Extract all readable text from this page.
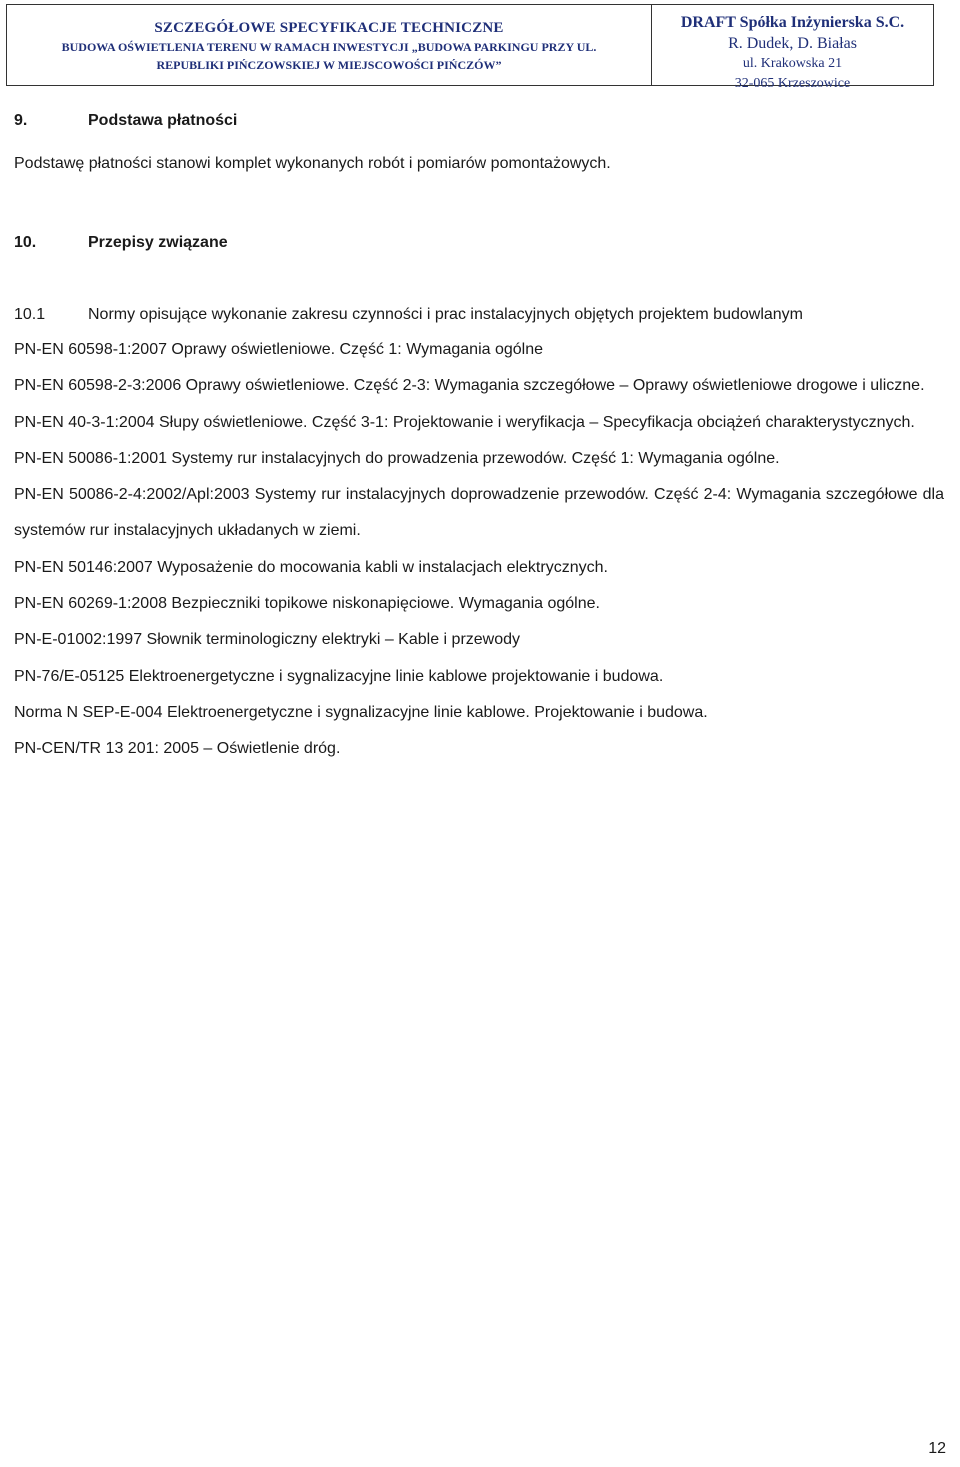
SZCZEGÓŁOWE SPECYFIKACJE TECHNICZNE
BUDOWA OŚWIETLENIA TERENU W RAMACH INWESTYCJI „BUDOWA PARKINGU PRZY UL.
REPUBLIKI PIŃCZOWSKIEJ W MIEJSCOWOŚCI PIŃCZÓW”
DRAFT Spółka Inżynierska S.C.
R. Dudek, D. Białas
ul. Krakowska 21
32-065 Krzeszowice
9.	Podstawa płatności

Podstawę płatności stanowi komplet wykonanych robót i pomiarów pomontażowych.

10.	Przepisy związane
10.1	Normy opisujące wykonanie zakresu czynności i prac instalacyjnych objętych projektem budowlanym

PN-EN 60598-1:2007 Oprawy oświetleniowe. Część 1: Wymagania ogólne

PN-EN 60598-2-3:2006 Oprawy oświetleniowe. Część 2-3: Wymagania szczegółowe – Oprawy oświetleniowe drogowe i uliczne.

PN-EN 40-3-1:2004 Słupy oświetleniowe. Część 3-1: Projektowanie i weryfikacja – Specyfikacja obciążeń charakterystycznych.

PN-EN 50086-1:2001 Systemy rur instalacyjnych do prowadzenia przewodów. Część 1: Wymagania ogólne.

PN-EN 50086-2-4:2002/Apl:2003 Systemy rur instalacyjnych doprowadzenie przewodów. Część 2-4: Wymagania szczegółowe dla systemów rur instalacyjnych układanych w ziemi.

PN-EN 50146:2007 Wyposażenie do mocowania kabli w instalacjach elektrycznych.

PN-EN 60269-1:2008 Bezpieczniki topikowe niskonapięciowe. Wymagania ogólne.

PN-E-01002:1997 Słownik terminologiczny elektryki – Kable i przewody

PN-76/E-05125 Elektroenergetyczne i sygnalizacyjne linie kablowe projektowanie i budowa.

Norma N SEP-E-004 Elektroenergetyczne i sygnalizacyjne linie kablowe. Projektowanie i budowa.

PN-CEN/TR 13 201: 2005 – Oświetlenie dróg.

12
